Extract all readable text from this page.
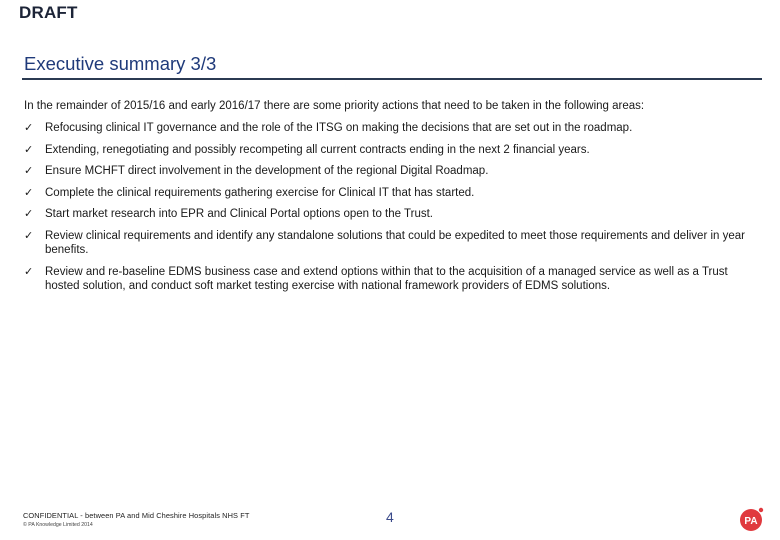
DRAFT
Executive summary 3/3
In the remainder of 2015/16 and early 2016/17 there are some priority actions that need to be taken in the following areas:
✓ Refocusing clinical IT governance and the role of the ITSG on making the decisions that are set out in the roadmap.
✓ Extending, renegotiating and possibly recompeting all current contracts ending in the next 2 financial years.
✓ Ensure MCHFT direct involvement in the development of the regional Digital Roadmap.
✓ Complete the clinical requirements gathering exercise for Clinical IT that has started.
✓ Start market research into EPR and Clinical Portal options open to the Trust.
✓ Review clinical requirements and identify any standalone solutions that could be expedited to meet those requirements and deliver in year benefits.
✓ Review and re-baseline EDMS business case and extend options within that to the acquisition of a managed service as well as a Trust hosted solution, and conduct soft market testing exercise with national framework providers of EDMS solutions.
CONFIDENTIAL - between PA and Mid Cheshire Hospitals NHS FT
© PA Knowledge Limited 2014	4	PA
